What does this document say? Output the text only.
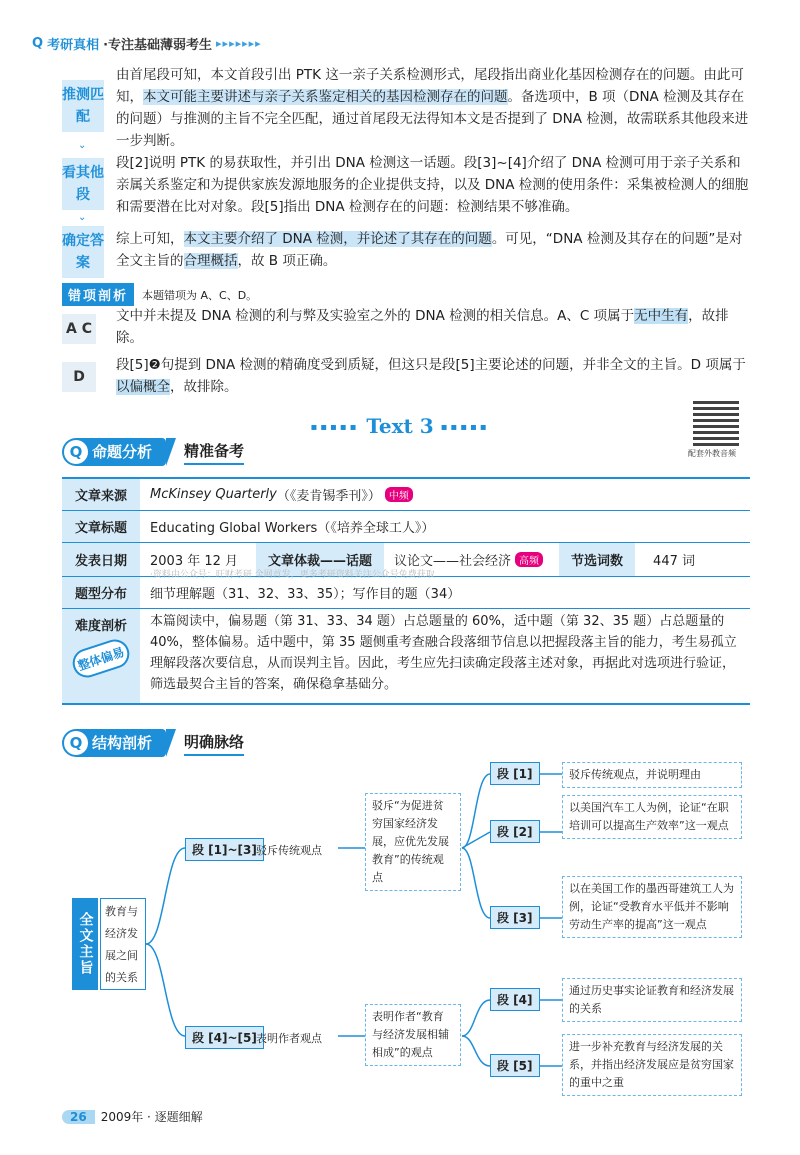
Q 考研真相 ·专注基础薄弱考生 ▸▸▸▸▸▸▸
推测匹配
⌄
由首尾段可知，本文首段引出 PTK 这一亲子关系检测形式，尾段指出商业化基因检测存在的问题。由此可知，本文可能主要讲述与亲子关系鉴定相关的基因检测存在的问题。备选项中，B 项（DNA 检测及其存在的问题）与推测的主旨不完全匹配，通过首尾段无法得知本文是否提到了 DNA 检测，故需联系其他段来进一步判断。
看其他段
⌄
段[2]说明 PTK 的易获取性，并引出 DNA 检测这一话题。段[3]~[4]介绍了 DNA 检测可用于亲子关系和亲属关系鉴定和为提供家族发源地服务的企业提供支持，以及 DNA 检测的使用条件：采集被检测人的细胞和需要潜在比对对象。段[5]指出 DNA 检测存在的问题：检测结果不够准确。
确定答案
综上可知，本文主要介绍了 DNA 检测，并论述了其存在的问题。可见，“DNA 检测及其存在的问题”是对全文主旨的合理概括，故 B 项正确。
错项剖析	本题错项为 A、C、D。
A C
文中并未提及 DNA 检测的利与弊及实验室之外的 DNA 检测的相关信息。A、C 项属于无中生有，故排除。
D
段[5]❷句提到 DNA 检测的精确度受到质疑，但这只是段[5]主要论述的问题，并非全文的主旨。D 项属于以偏概全，故排除。
▪▪▪▪▪ Text 3 ▪▪▪▪▪
配套外教音频
Q 命题分析	精准备考
文章来源	McKinsey Quarterly （《麦肯锡季刊》） 中频
文章标题	Educating Global Workers（《培养全球工人》）
发表日期	2003 年 12 月	文章体裁——话题	议论文——社会经济 高频	节选词数	447 词
题型分布	细节理解题（31、32、33、35）；写作目的题（34）
难度剖析
整体偏易
本篇阅读中，偏易题（第 31、33、34 题）占总题量的 60%，适中题（第 32、35 题）占总题量的 40%，整体偏易。适中题中，第 35 题侧重考查融合段落细节信息以把握段落主旨的能力，考生易孤立理解段落次要信息，从而误判主旨。因此，考生应先扫读确定段落主述对象，再据此对选项进行验证，筛选最契合主旨的答案，确保稳拿基础分。
·资料由公众号：旺财考研 全网首发，更多考研资料关注公众号免费获取
Q 结构剖析	明确脉络
全文主旨
教育与经济发展之间的关系
段 [1]~[3] 驳斥传统观点
驳斥“为促进贫穷国家经济发展，应优先发展教育”的传统观点
段 [4]~[5] 表明作者观点
表明作者“教育与经济发展相辅相成”的观点
段 [1]	驳斥传统观点，并说明理由
段 [2]
以美国汽车工人为例，论证“在职培训可以提高生产效率”这一观点
段 [3]
以在美国工作的墨西哥建筑工人为例，论证“受教育水平低并不影响劳动生产率的提高”这一观点
段 [4]
通过历史事实论证教育和经济发展的关系
段 [5]
进一步补充教育与经济发展的关系，并指出经济发展应是贫穷国家的重中之重
26	2009年 · 逐题细解
